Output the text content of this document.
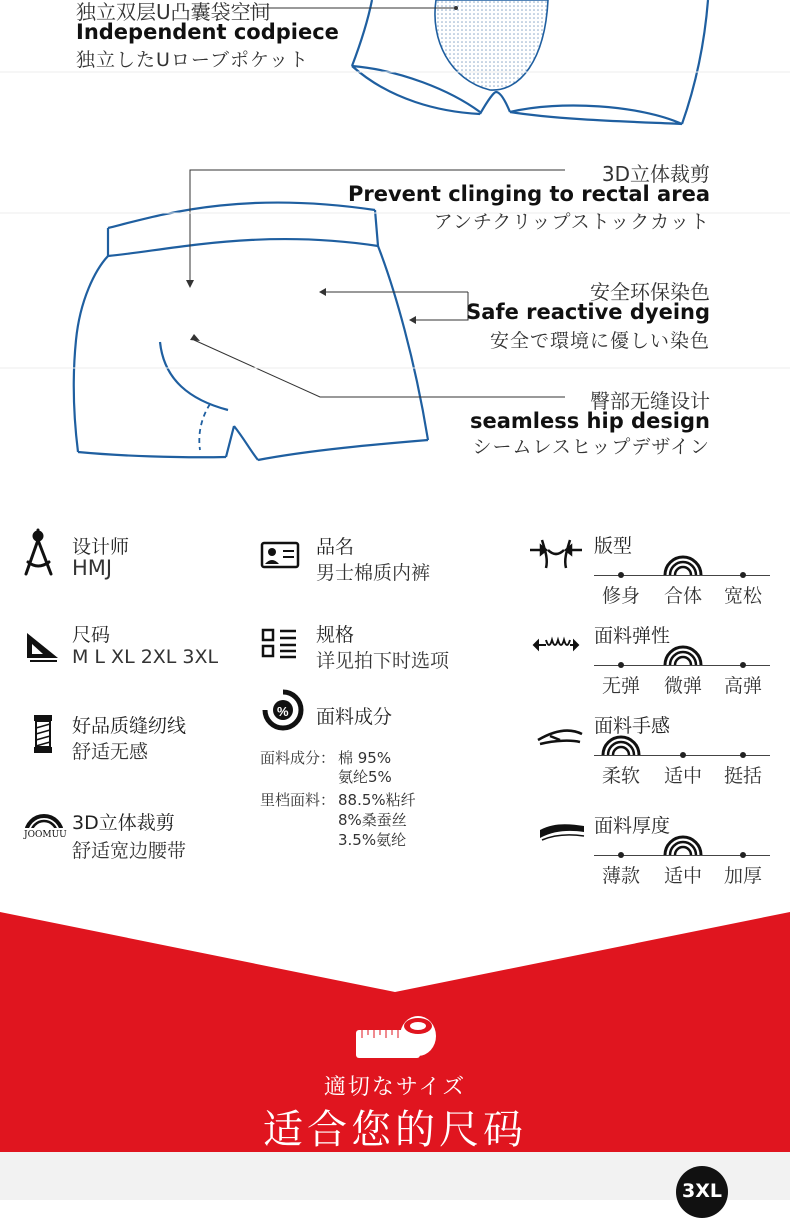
独立双层U凸囊袋空间
Independent codpiece
独立したUローブポケット
3D立体裁剪
Prevent clinging to rectal area
アンチクリップストックカット
安全环保染色
Safe reactive dyeing
安全で環境に優しい染色
臀部无缝设计
seamless hip design
シームレスヒップデザイン
%
JOOMUU
设计师
HMJ
尺码
M L XL 2XL 3XL
好品质缝纫线
舒适无感
3D立体裁剪
舒适宽边腰带
品名
男士棉质内裤
规格
详见拍下时选项
面料成分
面料成分： 棉 95%
氨纶5%
里档面料： 88.5%粘纤
8%桑蚕丝
3.5%氨纶
版型
面料弹性
面料手感
面料厚度
修身	合体	宽松
无弹	微弹	高弹
柔软	适中	挺括
薄款	适中	加厚
適切なサイズ
适合您的尺码
3XL
